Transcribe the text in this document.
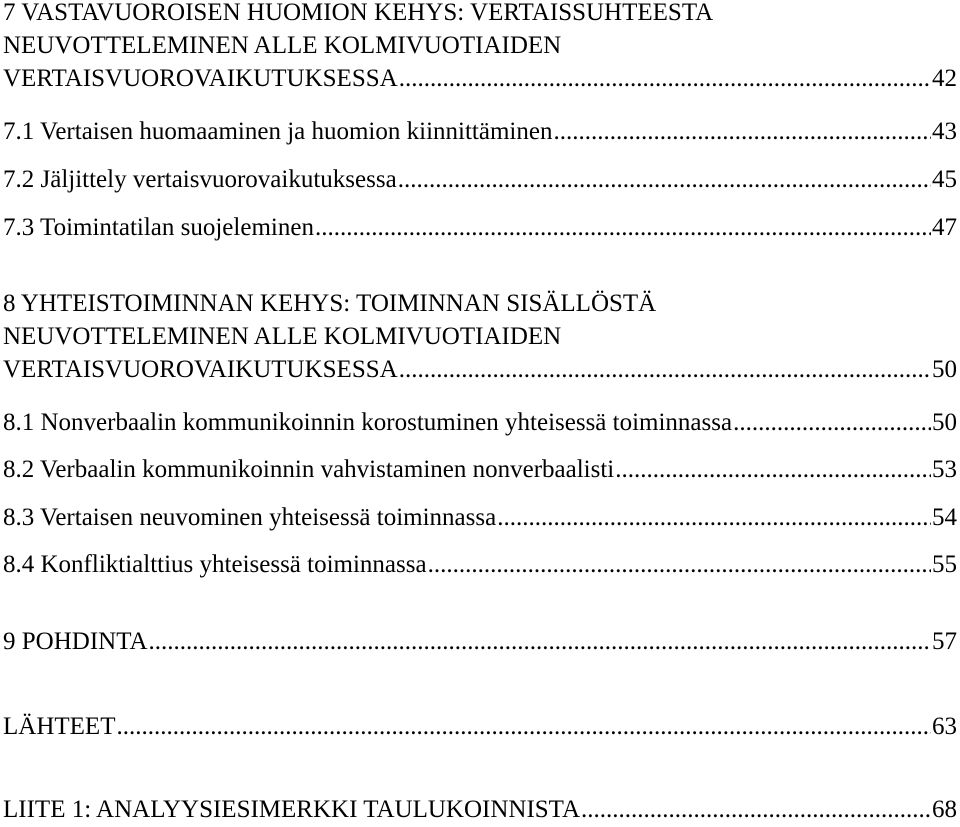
7 VASTAVUOROISEN HUOMION KEHYS: VERTAISSUHTEESTA
NEUVOTTELEMINEN ALLE KOLMIVUOTIAIDEN
VERTAISVUOROVAIKUTUKSESSA .....	42
7.1 Vertaisen huomaaminen ja huomion kiinnittäminen .....	43
7.2 Jäljittely vertaisvuorovaikutuksessa .....	45
7.3 Toimintatilan suojeleminen .....	47
8 YHTEISTOIMINNAN KEHYS: TOIMINNAN SISÄLLÖSTÄ
NEUVOTTELEMINEN ALLE KOLMIVUOTIAIDEN
VERTAISVUOROVAIKUTUKSESSA .....	50
8.1 Nonverbaalin kommunikoinnin korostuminen yhteisessä toiminnassa .....	50
8.2 Verbaalin kommunikoinnin vahvistaminen nonverbaalisti .....	53
8.3 Vertaisen neuvominen yhteisessä toiminnassa .....	54
8.4 Konfliktialttius yhteisessä toiminnassa .....	55
9 POHDINTA .....	57
LÄHTEET .....	63
LIITE 1: ANALYYSIESIMERKKI TAULUKOINNISTA .....	68
